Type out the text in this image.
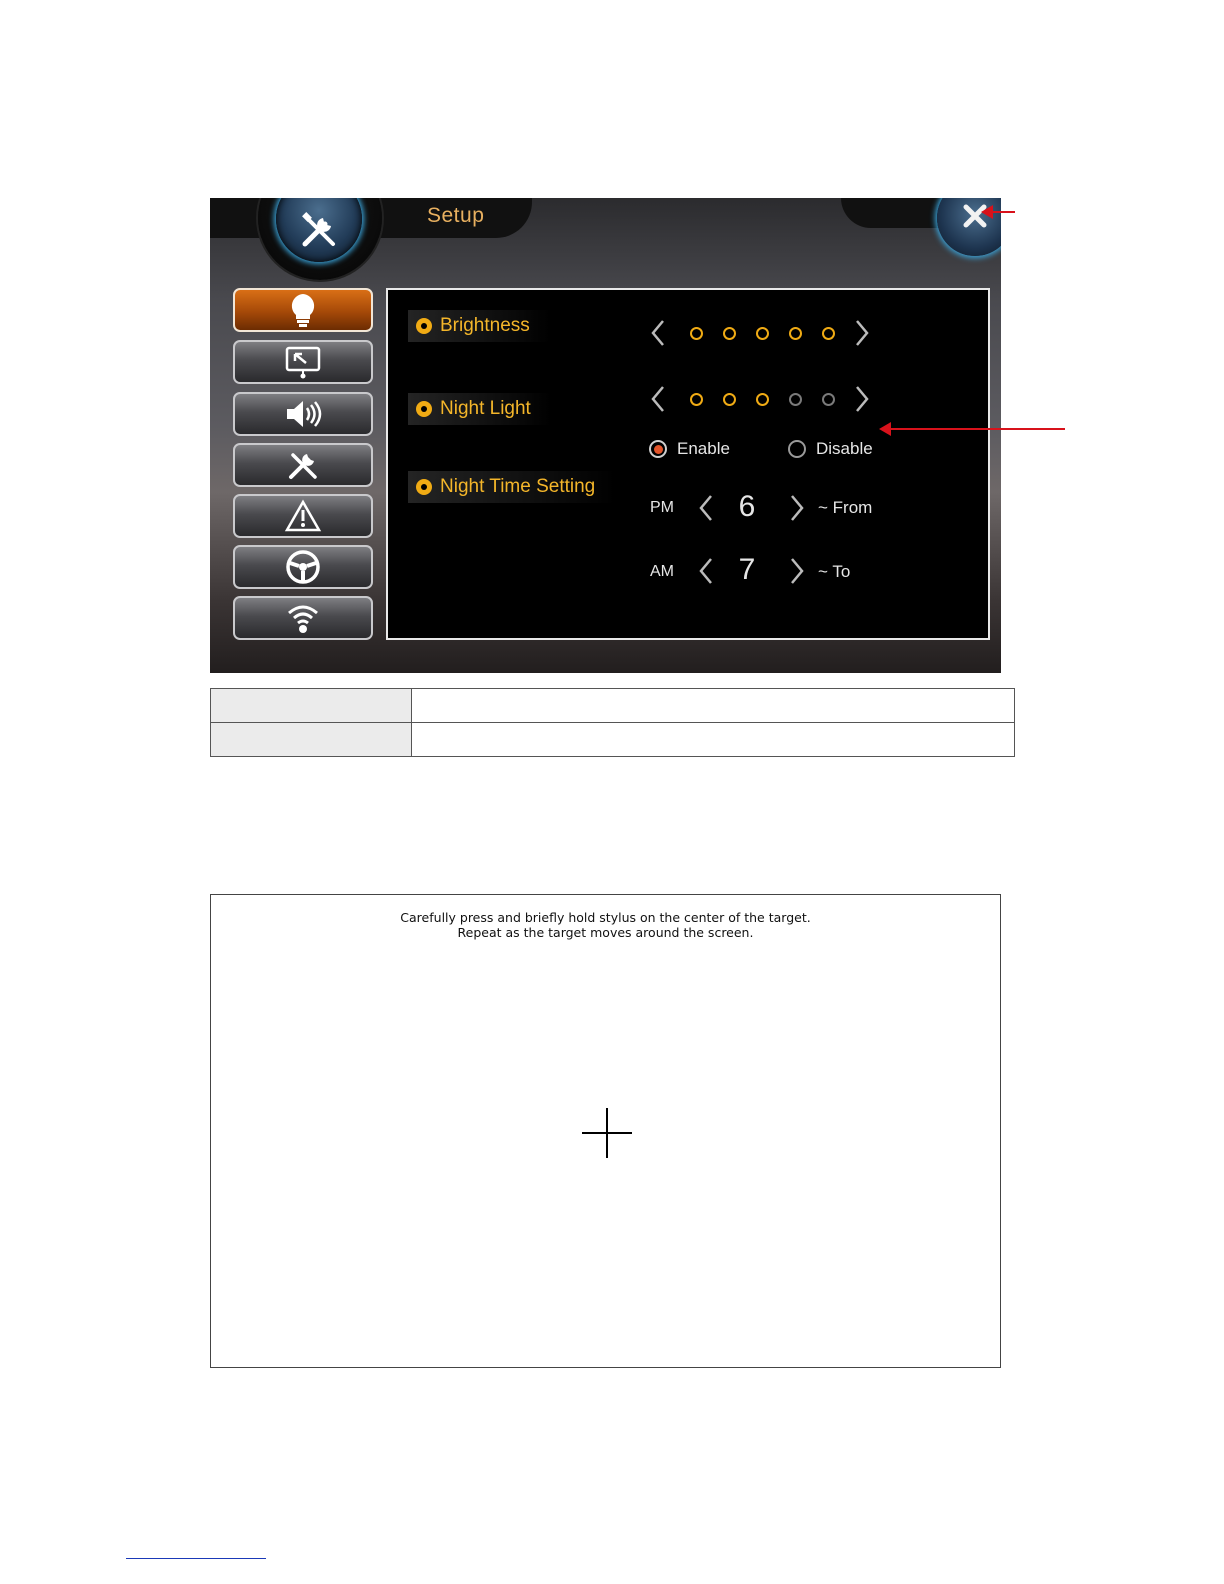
Setup
Brightness
Night Light
Enable	Disable
Night Time Setting
PM 6	~ From
AM 7	~ To

Carefully press and briefly hold stylus on the center of the target.
Repeat as the target moves around the screen.
